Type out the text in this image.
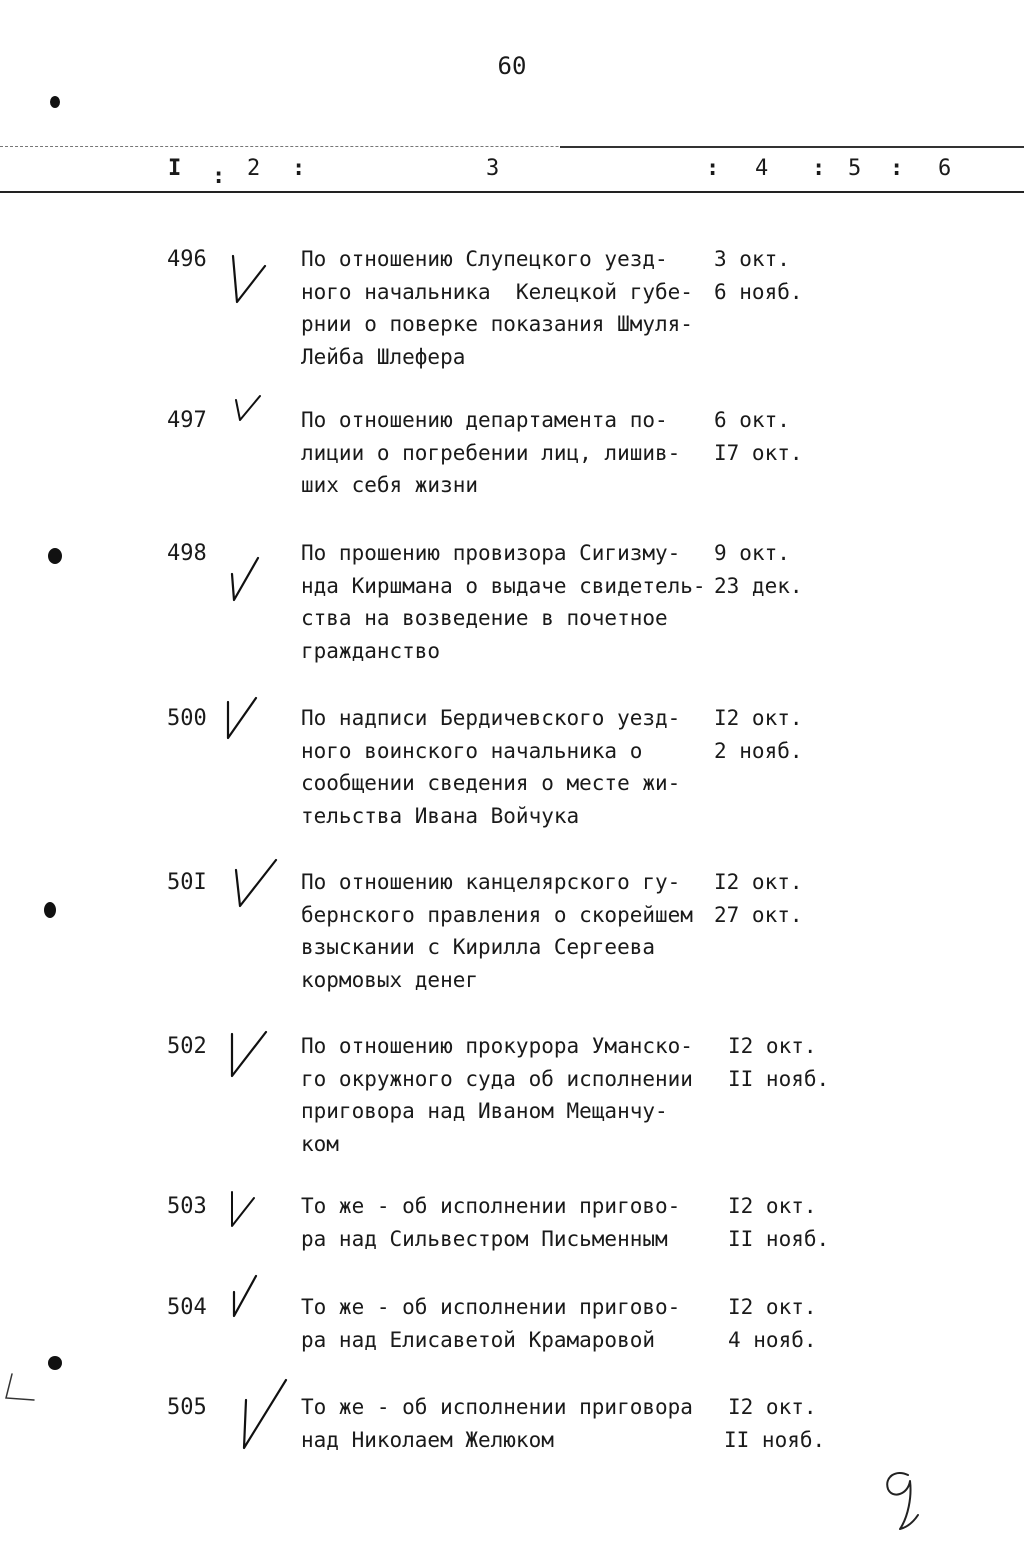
60
I : 2 :	3	: 4 : 5 : 6
496	По отношению Слупецкого уезд-
ного начальника  Келецкой губе-
рнии о поверке показания Шмуля-
Лейба Шлефера
3 окт.
6 нояб.
497	По отношению департамента по-
лиции о погребении лиц, лишив-
ших себя жизни
6 окт.
I7 окт.
498	По прошению провизора Сигизму-
нда Киршмана о выдаче свидетель-
ства на возведение в почетное
гражданство
9 окт.
23 дек.
500	По надписи Бердичевского уезд-
ного воинского начальника о
сообщении сведения о месте жи-
тельства Ивана Войчука
I2 окт.
2 нояб.
50I	По отношению канцелярского гу-
бернского правления о скорейшем
взыскании с Кирилла Сергеева
кормовых денег
I2 окт.
27 окт.
502	По отношению прокурора Уманско-
го окружного суда об исполнении
приговора над Иваном Мещанчу-
ком
I2 окт.
II нояб.
503	То же - об исполнении пригово-
ра над Сильвестром Письменным
I2 окт.
II нояб.
504	То же - об исполнении пригово-
ра над Елисаветой Крамаровой
I2 окт.
4 нояб.
505	То же - об исполнении приговора
над Николаем Желюком
I2 окт.
II нояб.
